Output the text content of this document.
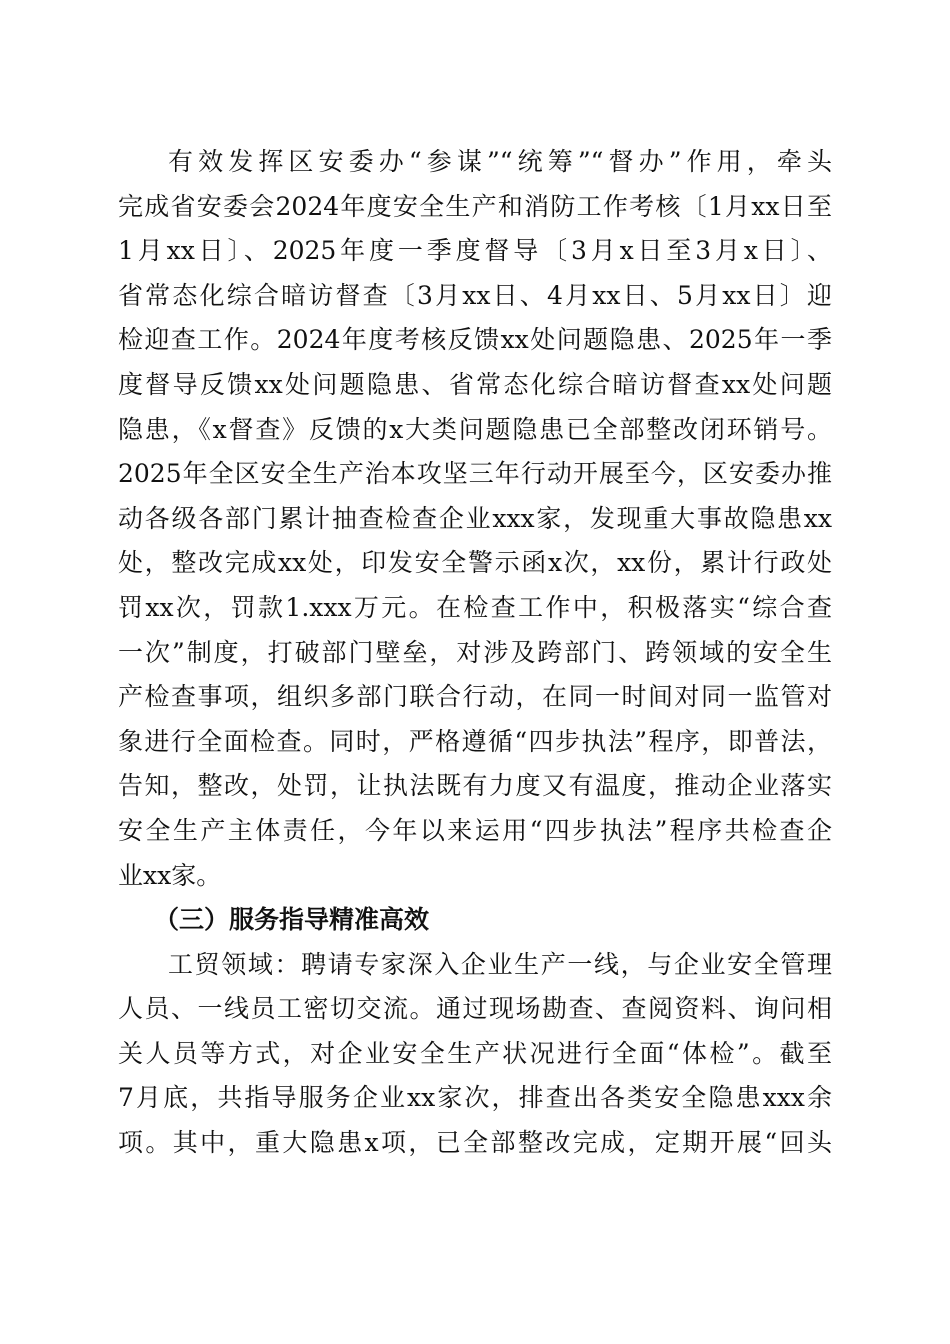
有效发挥区安委办“参谋”“统筹”“督办”作用，牵头
完成省安委会2024年度安全生产和消防工作考核〔1月xx日至
1月xx日〕、2025年度一季度督导〔3月x日至3月x日〕、
省常态化综合暗访督查〔3月xx日、4月xx日、5月xx日〕迎
检迎查工作。2024年度考核反馈xx处问题隐患、2025年一季
度督导反馈xx处问题隐患、省常态化综合暗访督查xx处问题
隐患，《x督查》反馈的x大类问题隐患已全部整改闭环销号。
2025年全区安全生产治本攻坚三年行动开展至今，区安委办推
动各级各部门累计抽查检查企业xxx家，发现重大事故隐患xx
处，整改完成xx处，印发安全警示函x次，xx份，累计行政处
罚xx次，罚款1.xxx万元。在检查工作中，积极落实“综合查
一次”制度，打破部门壁垒，对涉及跨部门、跨领域的安全生
产检查事项，组织多部门联合行动，在同一时间对同一监管对
象进行全面检查。同时，严格遵循“四步执法”程序，即普法，
告知，整改，处罚，让执法既有力度又有温度，推动企业落实
安全生产主体责任，今年以来运用“四步执法”程序共检查企
业xx家。
（三）服务指导精准高效
工贸领域：聘请专家深入企业生产一线，与企业安全管理
人员、一线员工密切交流。通过现场勘查、查阅资料、询问相
关人员等方式，对企业安全生产状况进行全面“体检”。截至
7月底，共指导服务企业xx家次，排查出各类安全隐患xxx余
项。其中，重大隐患x项，已全部整改完成，定期开展“回头
